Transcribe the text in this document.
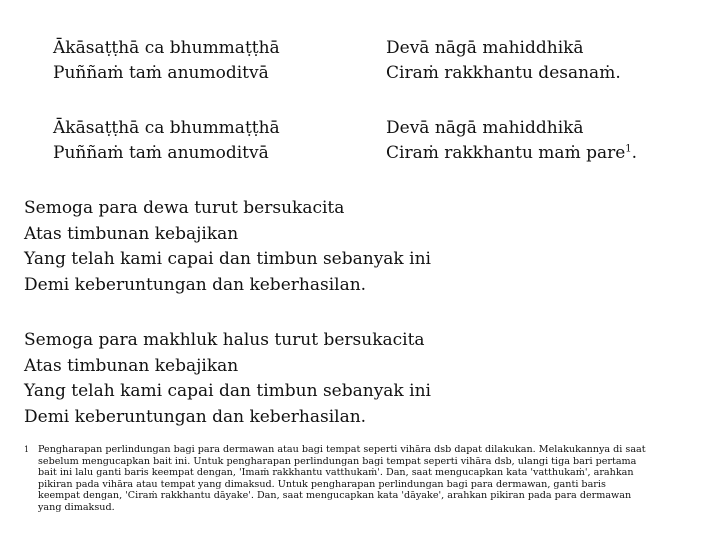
Ākāsaṭṭhā ca bhummaṭṭhā
Puññaṁ taṁ anumoditvā
Devā nāgā mahiddhikā
Ciraṁ rakkhantu desanaṁ.
Ākāsaṭṭhā ca bhummaṭṭhā
Puññaṁ taṁ anumoditvā
Devā nāgā mahiddhikā
Ciraṁ rakkhantu maṁ pare$^1$.
Semoga para dewa turut bersukacita
Atas timbunan kebajikan
Yang telah kami capai dan timbun sebanyak ini
Demi keberuntungan dan keberhasilan.
Semoga para makhluk halus turut bersukacita
Atas timbunan kebajikan
Yang telah kami capai dan timbun sebanyak ini
Demi keberuntungan dan keberhasilan.
1 Pengharapan perlindungan bagi para dermawan atau bagi tempat seperti vihāra dsb dapat dilakukan. Melakukannya di saat
sebelum mengucapkan bait ini. Untuk pengharapan perlindungan bagi tempat seperti vihāra dsb, ulangi tiga bari pertama
bait ini lalu ganti baris keempat dengan, 'Imaṁ rakkhantu vatthukaṁ'. Dan, saat mengucapkan kata 'vatthukaṁ', arahkan
pikiran pada vihāra atau tempat yang dimaksud. Untuk pengharapan perlindungan bagi para dermawan, ganti baris
keempat dengan, 'Ciraṁ rakkhantu dāyake'. Dan, saat mengucapkan kata 'dāyake', arahkan pikiran pada para dermawan
yang dimaksud.
